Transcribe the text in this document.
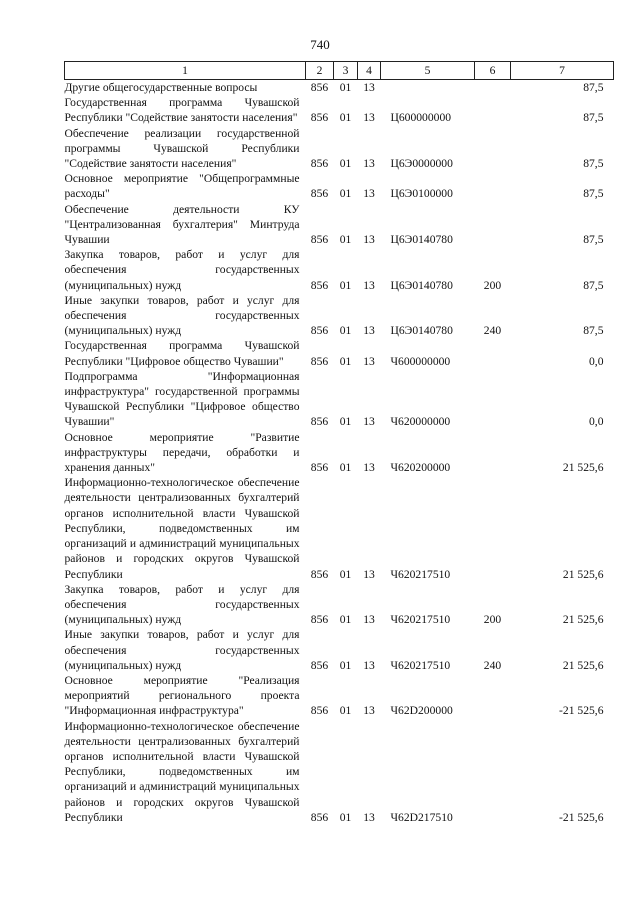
740
1	2	3	4	5	6	7
Другие общегосударственные вопросы	856	01	13			87,5
Государственная программа Чувашской Республики "Содействие занятости населения"	856	01	13	Ц600000000		87,5
Обеспечение реализации государственной программы Чувашской Республики "Содействие занятости населения"	856	01	13	Ц6Э0000000		87,5
Основное мероприятие "Общепрограммные расходы"	856	01	13	Ц6Э0100000		87,5
Обеспечение деятельности КУ "Централизованная бухгалтерия" Минтруда Чувашии	856	01	13	Ц6Э0140780		87,5
Закупка товаров, работ и услуг для обеспечения государственных (муниципальных) нужд	856	01	13	Ц6Э0140780	200	87,5
Иные закупки товаров, работ и услуг для обеспечения государственных (муниципальных) нужд	856	01	13	Ц6Э0140780	240	87,5
Государственная программа Чувашской Республики "Цифровое общество Чувашии"	856	01	13	Ч600000000		0,0
Подпрограмма "Информационная инфраструктура" государственной программы Чувашской Республики "Цифровое общество Чувашии"	856	01	13	Ч620000000		0,0
Основное мероприятие "Развитие инфраструктуры передачи, обработки и хранения данных"	856	01	13	Ч620200000		21 525,6
Информационно-технологическое обеспечение деятельности централизованных бухгалтерий органов исполнительной власти Чувашской Республики, подведомственных им организаций и администраций муниципальных районов и городских округов Чувашской Республики	856	01	13	Ч620217510		21 525,6
Закупка товаров, работ и услуг для обеспечения государственных (муниципальных) нужд	856	01	13	Ч620217510	200	21 525,6
Иные закупки товаров, работ и услуг для обеспечения государственных (муниципальных) нужд	856	01	13	Ч620217510	240	21 525,6
Основное мероприятие "Реализация мероприятий регионального проекта "Информационная инфраструктура"	856	01	13	Ч62D200000		-21 525,6
Информационно-технологическое обеспечение деятельности централизованных бухгалтерий органов исполнительной власти Чувашской Республики, подведомственных им организаций и администраций муниципальных районов и городских округов Чувашской Республики	856	01	13	Ч62D217510		-21 525,6
